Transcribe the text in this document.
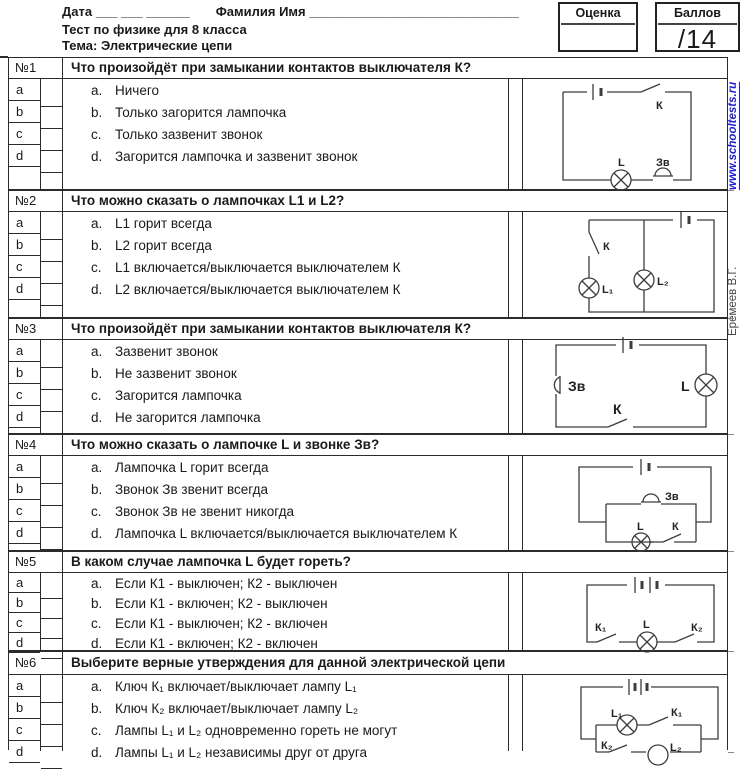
Дата ___ ___ ______ Фамилия Имя _____________________________
Тест по физике для 8 класса
Тема: Электрические цепи
Оценка	Баллов
/14
www.schooltests.ru
Еремеев В.Г.
№1	Что произойдёт при замыкании контактов выключателя К?
a
b
c
d
a .	Ничего
b .	Только загорится лампочка
c .	Только зазвенит звонок
d .	Загорится лампочка и зазвенит звонок
К
L	Зв
№2	Что можно сказать о лампочках L1 и L2?
a
b
c
d
a .	L1 горит всегда
b .	L2 горит всегда
c .	L1 включается/выключается выключателем К
d .	L2 включается/выключается выключателем К
К
L₁
L₂
№3	Что произойдёт при замыкании контактов выключателя К?
a
b
c
d
a .	Зазвенит звонок
b .	Не зазвенит звонок
c .	Загорится лампочка
d .	Не загорится лампочка
Зв	L
К
№4	Что можно сказать о лампочке L и звонке Зв?
a
b
c
d
a .	Лампочка L горит всегда
b .	Звонок Зв звенит всегда
c .	Звонок Зв не звенит никогда
d .	Лампочка L включается/выключается выключателем К
Зв
L	К
№5	В каком случае лампочка L будет гореть?
a
b
c
d
a .	Если К1 - выключен; К2 - выключен
b .	Если К1 - включен; К2 - выключен
c .	Если К1 - выключен; К2 - включен
d .	Если К1 - включен; К2 - включен
К₁	L	К₂
№6	Выберите верные утверждения для данной электрической цепи
a
b
c
d
a .	Ключ К₁ включает/выключает лампу L₁
b .	Ключ К₂ включает/выключает лампу L₂
c .	Лампы L₁ и L₂ одновременно гореть не могут
d .	Лампы L₁ и L₂ независимы друг от друга
L₁	К₁
К₂	L₂
